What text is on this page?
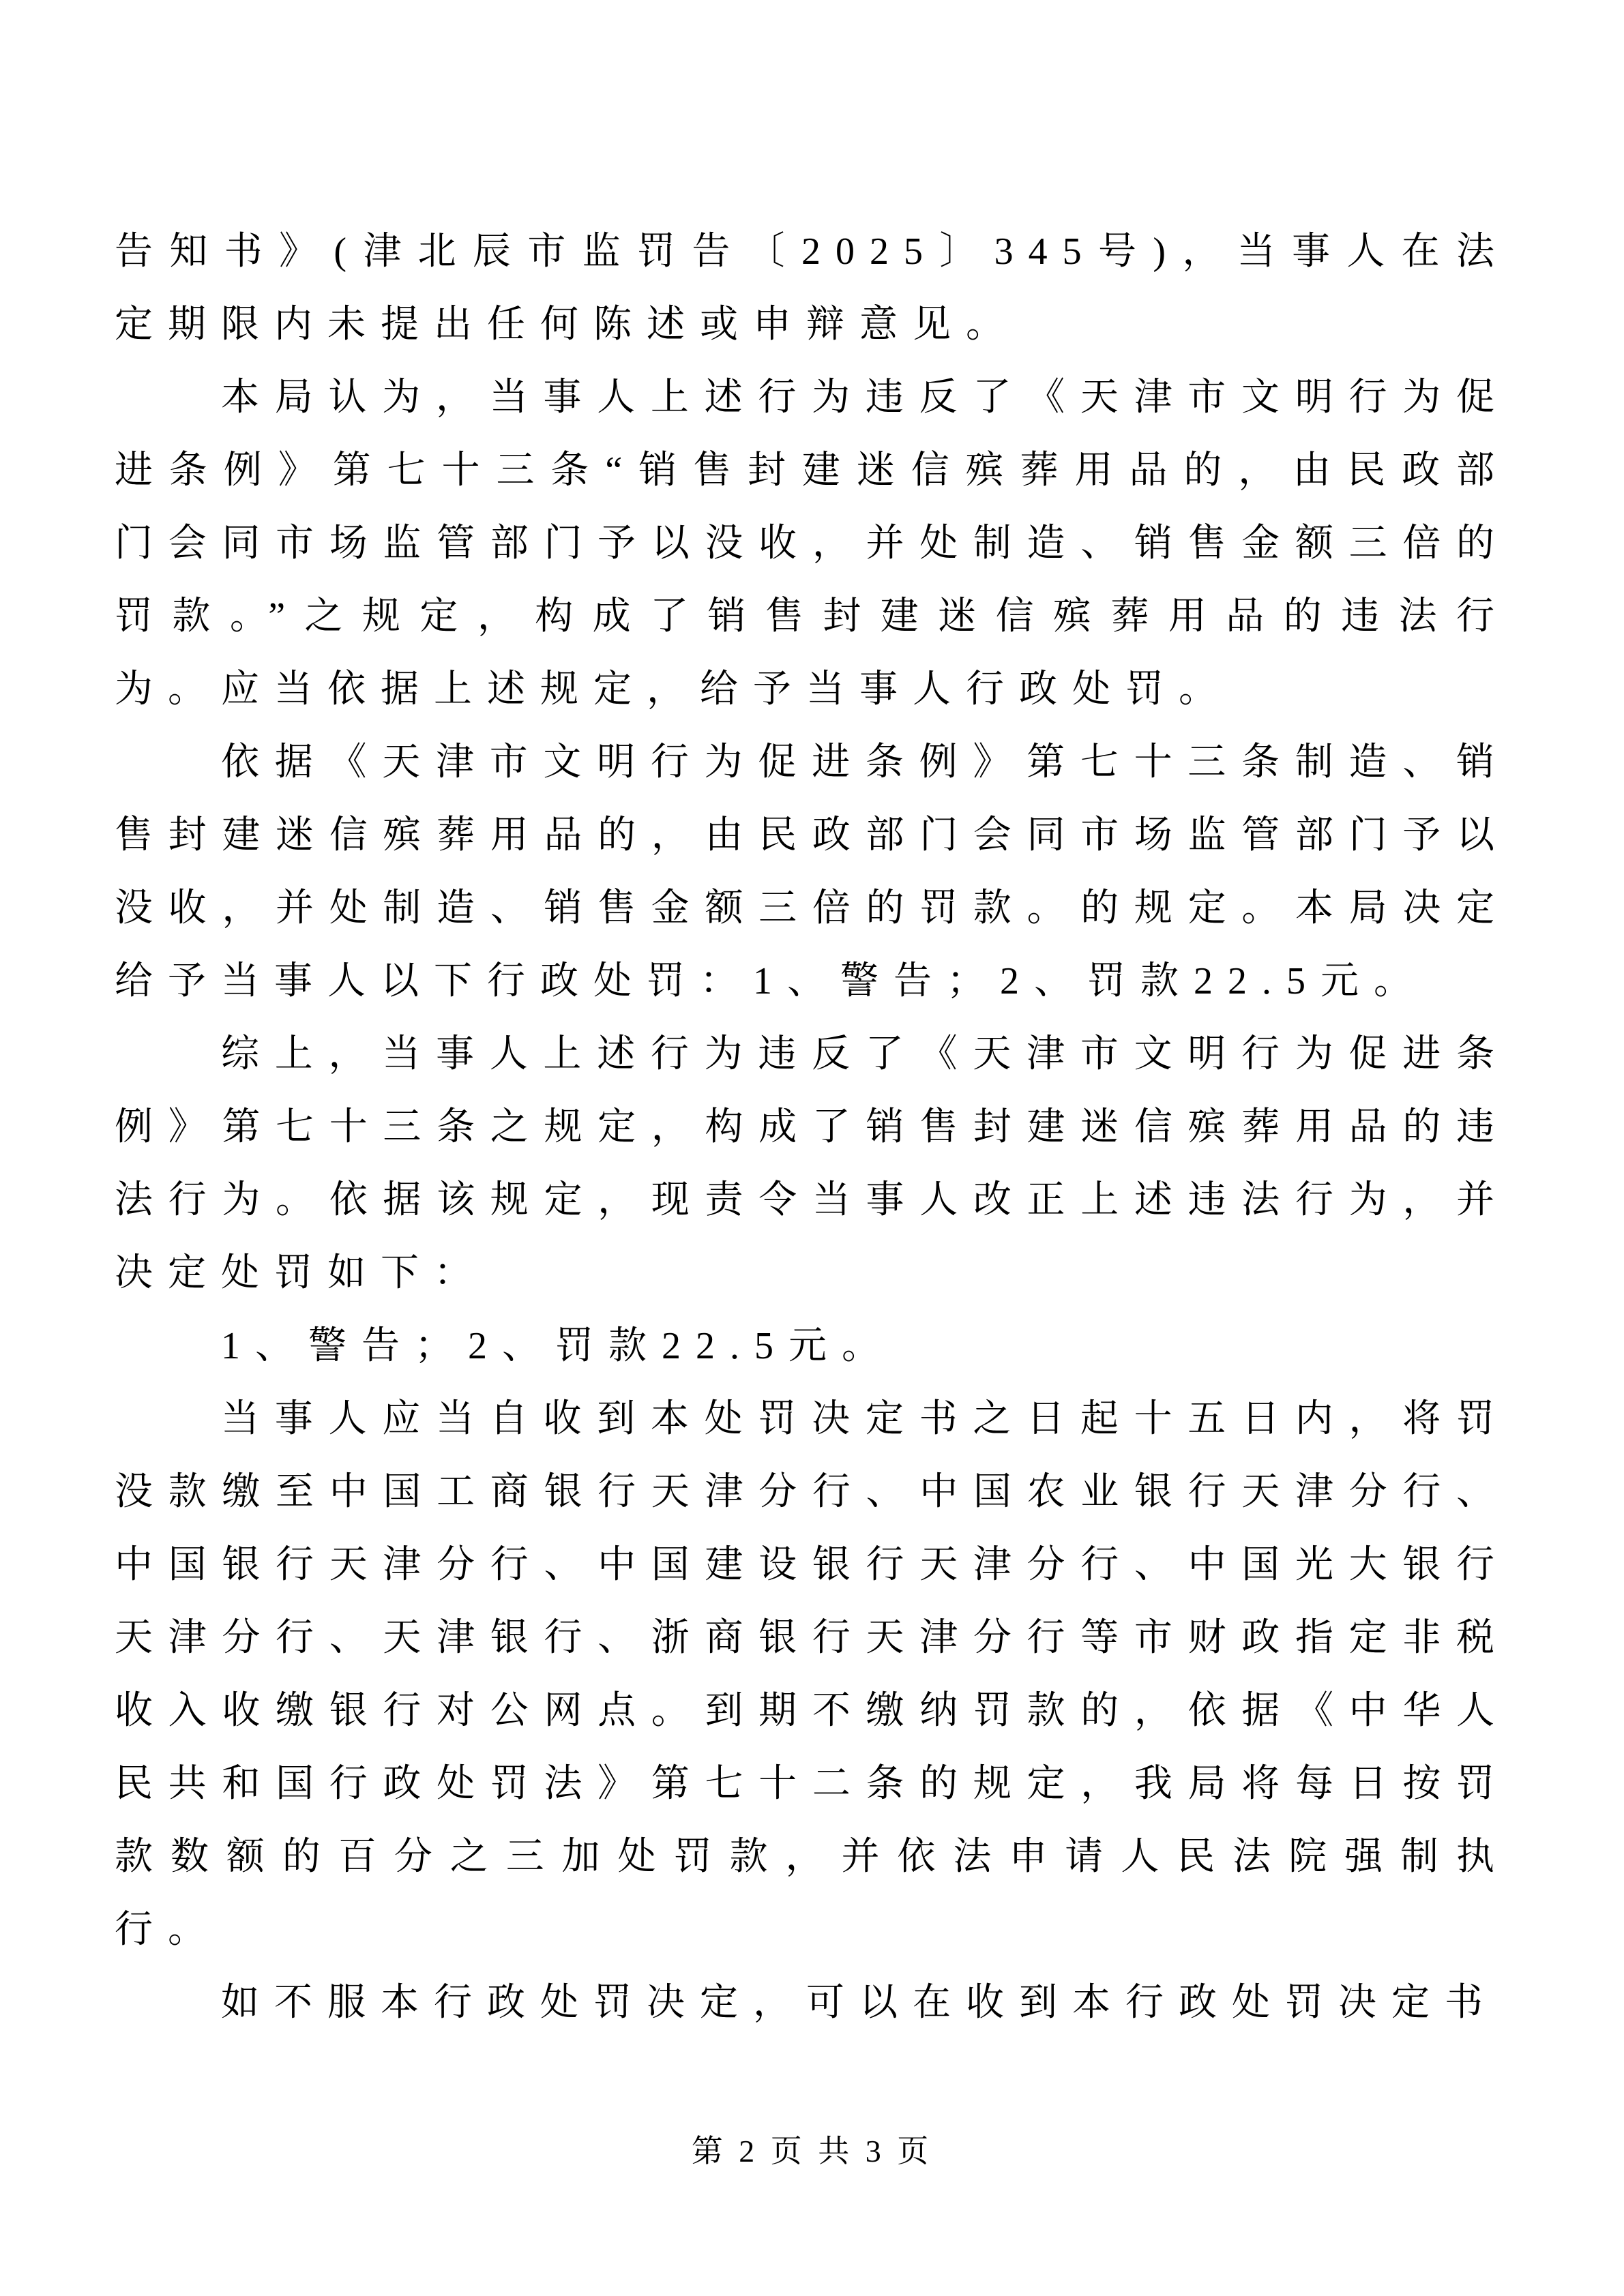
告知书》(津北辰市监罚告〔2025〕345号)，当事人在法定期限内未提出任何陈述或申辩意见。

本局认为，当事人上述行为违反了《天津市文明行为促进条例》第七十三条“销售封建迷信殡葬用品的，由民政部门会同市场监管部门予以没收，并处制造、销售金额三倍的罚款。”之规定，构成了销售封建迷信殡葬用品的违法行为。应当依据上述规定，给予当事人行政处罚。

依据《天津市文明行为促进条例》第七十三条制造、销售封建迷信殡葬用品的，由民政部门会同市场监管部门予以没收，并处制造、销售金额三倍的罚款。的规定。本局决定给予当事人以下行政处罚：1、警告；2、罚款22.5元。

综上，当事人上述行为违反了《天津市文明行为促进条例》第七十三条之规定，构成了销售封建迷信殡葬用品的违法行为。依据该规定，现责令当事人改正上述违法行为，并决定处罚如下：

1、警告；2、罚款22.5元。

当事人应当自收到本处罚决定书之日起十五日内，将罚没款缴至中国工商银行天津分行、中国农业银行天津分行、中国银行天津分行、中国建设银行天津分行、中国光大银行天津分行、天津银行、浙商银行天津分行等市财政指定非税收入收缴银行对公网点。到期不缴纳罚款的，依据《中华人民共和国行政处罚法》第七十二条的规定，我局将每日按罚款数额的百分之三加处罚款，并依法申请人民法院强制执行。

如不服本行政处罚决定，可以在收到本行政处罚决定书

第 2 页 共 3 页
